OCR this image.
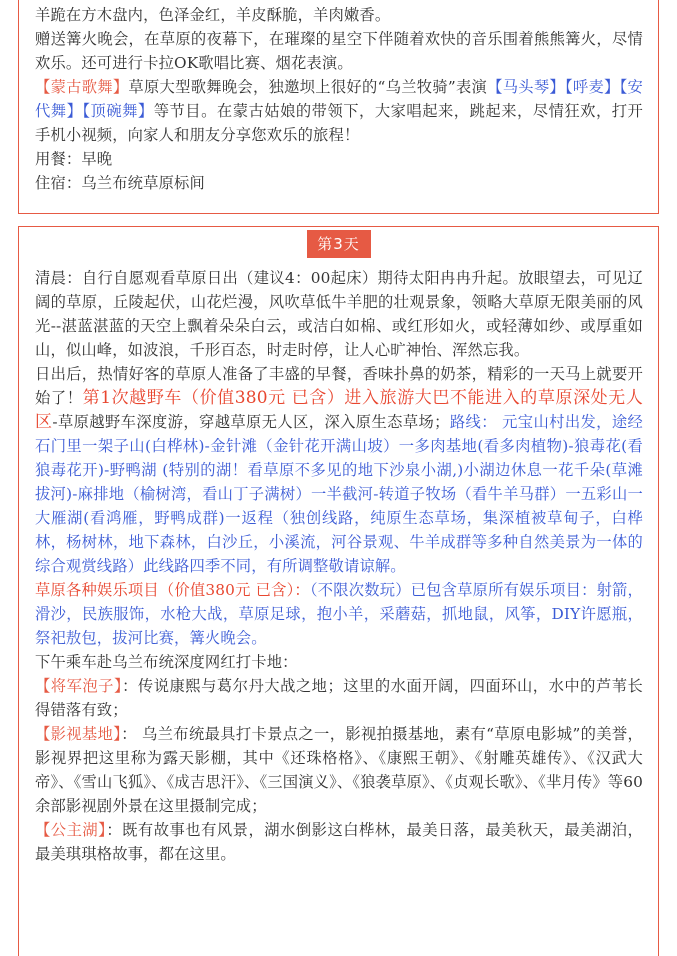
羊跪在方木盘内，色泽金红，羊皮酥脆，羊肉嫩香。

赠送篝火晚会，在草原的夜幕下，在璀璨的星空下伴随着欢快的音乐围着熊熊篝火，尽情欢乐。还可进行卡拉OK歌唱比赛、烟花表演。

【蒙古歌舞】草原大型歌舞晚会，独邀坝上很好的“乌兰牧骑”表演【马头琴】【呼麦】【安代舞】【顶碗舞】等节目。在蒙古姑娘的带领下，大家唱起来，跳起来，尽情狂欢，打开手机小视频，向家人和朋友分享您欢乐的旅程！

用餐：早晚

住宿：乌兰布统草原标间

第3天

清晨：自行自愿观看草原日出（建议4：00起床）期待太阳冉冉升起。放眼望去，可见辽阔的草原，丘陵起伏，山花烂漫，风吹草低牛羊肥的壮观景象，领略大草原无限美丽的风光--湛蓝湛蓝的天空上飘着朵朵白云，或洁白如棉、或红形如火，或轻薄如纱、或厚重如山，似山峰，如波浪，千形百态，时走时停，让人心旷神怡、浑然忘我。

日出后，热情好客的草原人准备了丰盛的早餐，香味扑鼻的奶茶，精彩的一天马上就要开始了！第1次越野车（价值380元 已含）进入旅游大巴不能进入的草原深处无人区-草原越野车深度游，穿越草原无人区，深入原生态草场；路线： 元宝山村出发，途经石门里一架子山(白桦林)-金针滩（金针花开满山坡）一多肉基地(看多肉植物)-狼毒花(看狼毒花开)-野鸭湖 (特别的湖！看草原不多见的地下沙泉小湖,)小湖边休息一花千朵(草滩拔河)-麻排地（榆树湾，看山丁子满树）一半截河-转道子牧场（看牛羊马群）一五彩山一大雁湖(看鸿雁，野鸭成群)一返程（独创线路，纯原生态草场，集深植被草甸子，白桦林，杨树林，地下森林，白沙丘，小溪流，河谷景观、牛羊成群等多种自然美景为一体的综合观赏线路）此线路四季不同，有所调整敬请谅解。

草原各种娱乐项目（价值380元 已含）：（不限次数玩）已包含草原所有娱乐项目：射箭，滑沙，民族服饰，水枪大战，草原足球，抱小羊，采蘑菇，抓地鼠，风筝，DIY许愿瓶，祭祀敖包，拔河比赛，篝火晚会。

下午乘车赴乌兰布统深度网红打卡地：

【将军泡子】：传说康熙与葛尔丹大战之地；这里的水面开阔，四面环山，水中的芦苇长得错落有致；

【影视基地】： 乌兰布统最具打卡景点之一，影视拍摄基地，素有“草原电影城”的美誉，影视界把这里称为露天影棚，其中《还珠格格》、《康熙王朝》、《射雕英雄传》、《汉武大帝》、《雪山飞狐》、《成吉思汗》、《三国演义》、《狼袭草原》、《贞观长歌》、《芈月传》等60余部影视剧外景在这里摄制完成；

【公主湖】：既有故事也有风景，湖水倒影这白桦林，最美日落，最美秋天，最美湖泊，最美琪琪格故事，都在这里。
